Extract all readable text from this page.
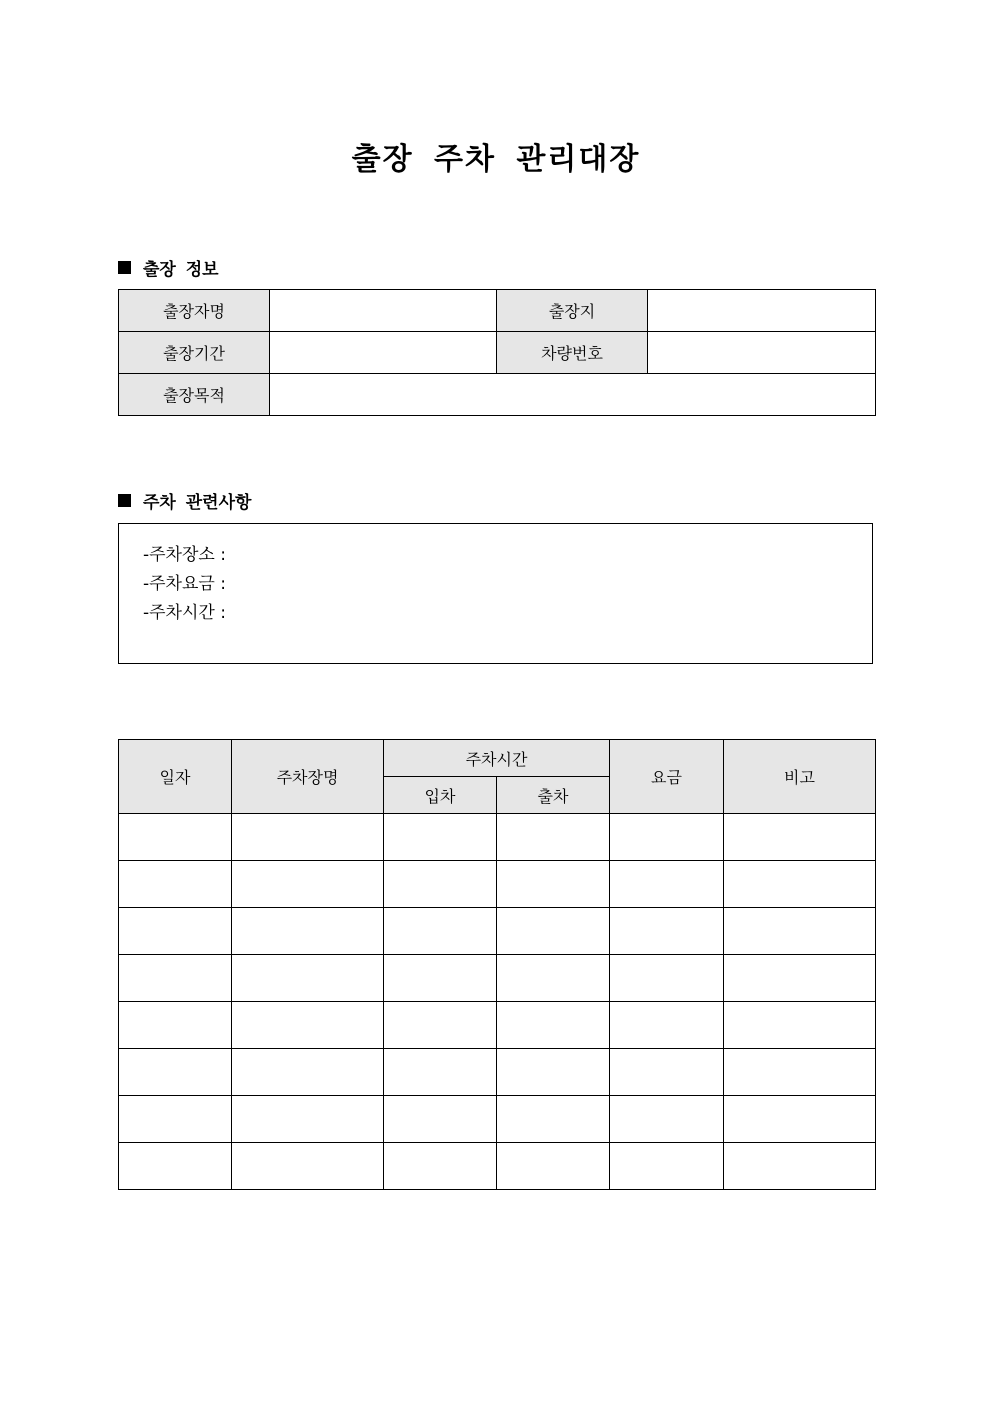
출장 주차 관리대장
출장 정보
출장자명		출장지	
출장기간		차량번호	
출장목적			
주차 관련사항
-주차장소 :
-주차요금 :
-주차시간 :
일자	주차장명	주차시간		요금	비고
		입차	출차		
